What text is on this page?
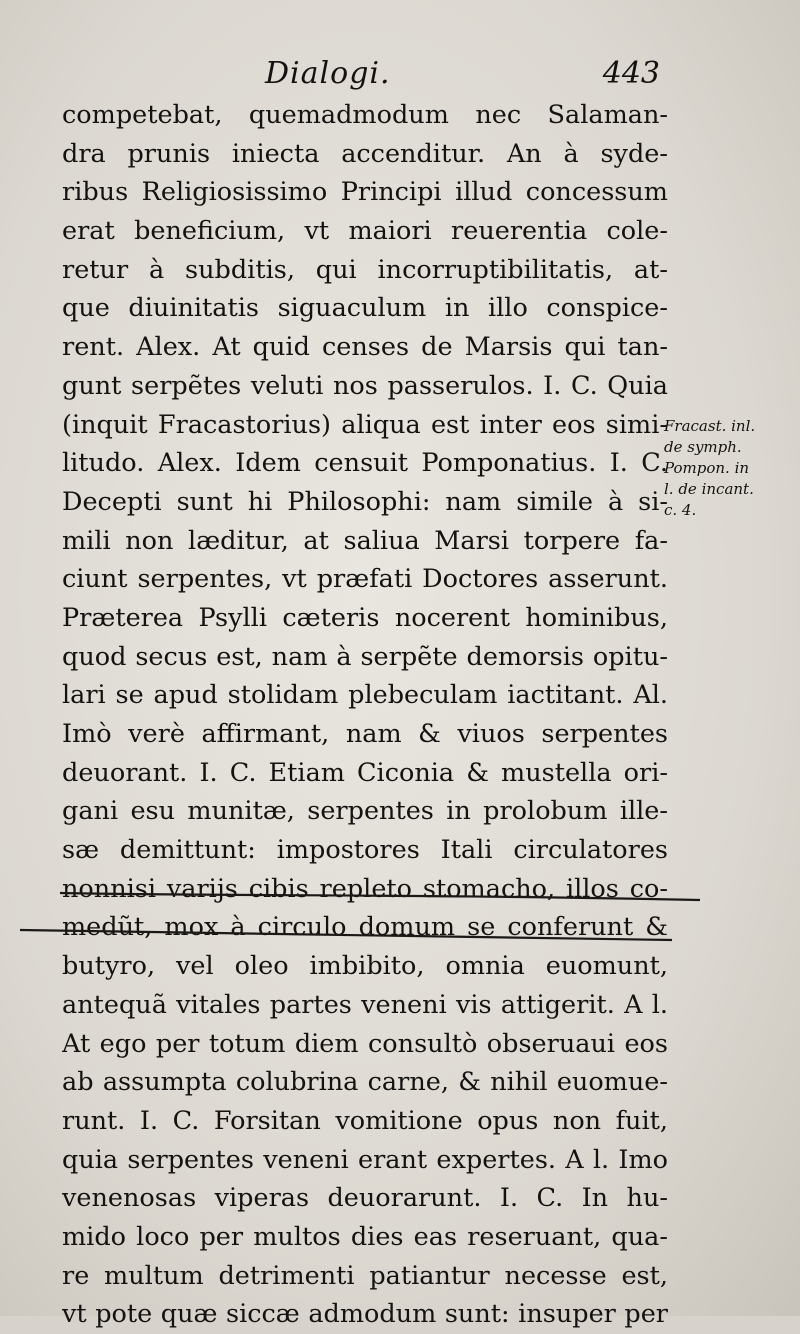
Dialogi.	443
competebat, quemadmodum nec Salaman-
dra prunis iniecta accenditur. An à syde-
ribus Religiosissimo Principi illud concessum
erat beneficium, vt maiori reuerentia cole-
retur à subditis, qui incorruptibilitatis, at-
que diuinitatis siguaculum in illo conspice-
rent. Alex. At quid censes de Marsis qui tan-
gunt serpẽtes veluti nos passerulos. I. C. Quia
(inquit Fracastorius) aliqua est inter eos simi-
litudo. Alex. Idem censuit Pomponatius. I. C.
Decepti sunt hi Philosophi: nam simile à si-
mili non læditur, at saliua Marsi torpere fa-
ciunt serpentes, vt præfati Doctores asserunt.
Præterea Psylli cæteris nocerent hominibus,
quod secus est, nam à serpẽte demorsis opitu-
lari se apud stolidam plebeculam iactitant. Al.
Imò verè affirmant, nam & viuos serpentes
deuorant. I. C. Etiam Ciconia & mustella ori-
gani esu munitæ, serpentes in prolobum ille-
sæ demittunt: impostores Itali circulatores
nonnisi varijs cibis repleto stomacho, illos co-
medũt, mox à circulo domum se conferunt &
butyro, vel oleo imbibito, omnia euomunt,
antequã vitales partes veneni vis attigerit. A l.
At ego per totum diem consultò obseruaui eos
ab assumpta colubrina carne, & nihil euomue-
runt. I. C. Forsitan vomitione opus non fuit,
quia serpentes veneni erant expertes. A l. Imo
venenosas viperas deuorarunt. I. C. In hu-
mido loco per multos dies eas reseruant, qua-
re multum detrimenti patiantur necesse est,
vt pote quæ siccæ admodum sunt: insuper per
Fracast. inl.
de symph.
Pompon. in
l. de incant.
c. 4.
